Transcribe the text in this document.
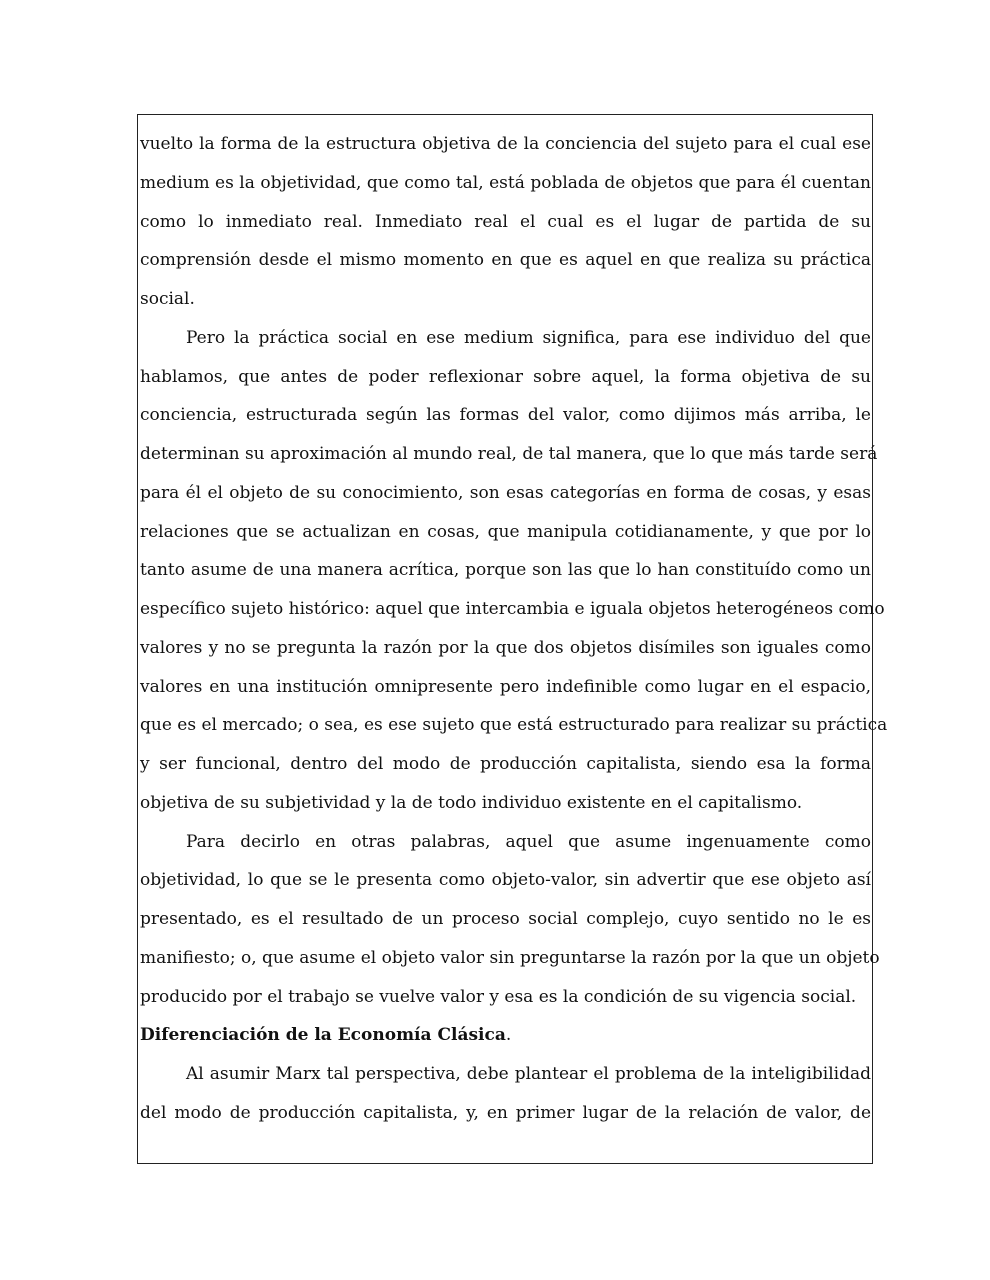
vuelto la forma de la estructura objetiva de la conciencia del sujeto para el cual ese
medium es la objetividad, que como tal, está poblada de objetos que para él cuentan
como lo inmediato real. Inmediato real el cual es el lugar de partida de su
comprensión desde el mismo momento en que es aquel en que realiza su práctica
social.
Pero la práctica social en ese medium significa, para ese individuo del que
hablamos, que antes de poder reflexionar sobre aquel, la forma objetiva de su
conciencia, estructurada según las formas del valor, como dijimos más arriba, le
determinan su aproximación al mundo real, de tal manera, que lo que más tarde será
para él el objeto de su conocimiento, son esas categorías en forma de cosas, y esas
relaciones que se actualizan en cosas, que manipula cotidianamente, y que por lo
tanto asume de una manera acrítica, porque son las que lo han constituído como un
específico sujeto histórico: aquel que intercambia e iguala objetos heterogéneos como
valores y no se pregunta la razón por la que dos objetos disímiles son iguales como
valores en una institución omnipresente pero indefinible como lugar en el espacio,
que es el mercado; o sea, es ese sujeto que está estructurado para realizar su práctica
y ser funcional, dentro del modo de producción capitalista, siendo esa la forma
objetiva de su subjetividad y la de todo individuo existente en el capitalismo.
Para decirlo en otras palabras, aquel que asume ingenuamente como
objetividad, lo que se le presenta como objeto-valor, sin advertir que ese objeto así
presentado, es el resultado de un proceso social complejo, cuyo sentido no le es
manifiesto; o, que asume el objeto valor sin preguntarse la razón por la que un objeto
producido por el trabajo se vuelve valor y esa es la condición de su vigencia social.
Diferenciación de la Economía Clásica.
Al asumir Marx tal perspectiva, debe plantear el problema de la inteligibilidad
del modo de producción capitalista, y, en primer lugar de la relación de valor, de
